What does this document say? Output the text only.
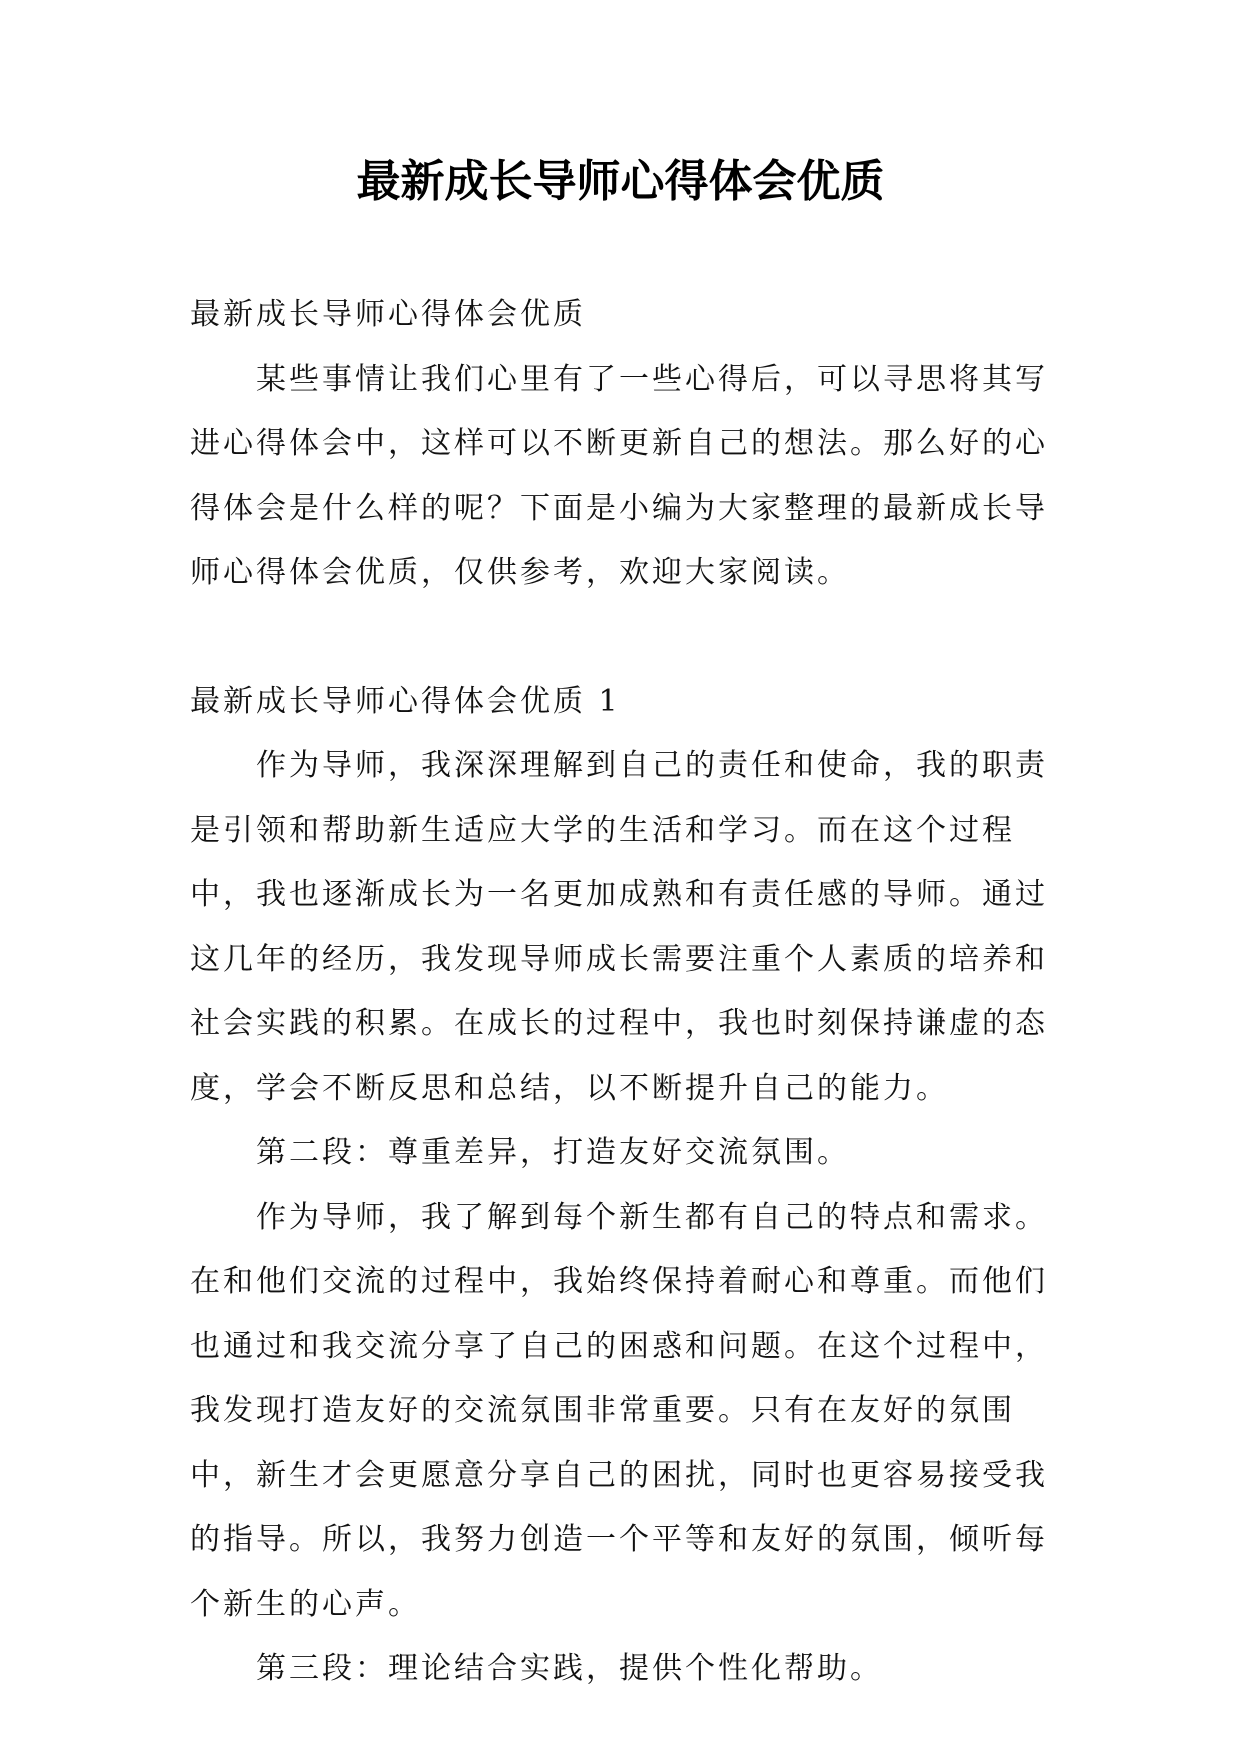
最新成长导师心得体会优质

最新成长导师心得体会优质

某些事情让我们心里有了一些心得后，可以寻思将其写进心得体会中，这样可以不断更新自己的想法。那么好的心得体会是什么样的呢？下面是小编为大家整理的最新成长导师心得体会优质，仅供参考，欢迎大家阅读。

最新成长导师心得体会优质 1

作为导师，我深深理解到自己的责任和使命，我的职责是引领和帮助新生适应大学的生活和学习。而在这个过程中，我也逐渐成长为一名更加成熟和有责任感的导师。通过这几年的经历，我发现导师成长需要注重个人素质的培养和社会实践的积累。在成长的过程中，我也时刻保持谦虚的态度，学会不断反思和总结，以不断提升自己的能力。

第二段：尊重差异，打造友好交流氛围。

作为导师，我了解到每个新生都有自己的特点和需求。在和他们交流的过程中，我始终保持着耐心和尊重。而他们也通过和我交流分享了自己的困惑和问题。在这个过程中，我发现打造友好的交流氛围非常重要。只有在友好的氛围中，新生才会更愿意分享自己的困扰，同时也更容易接受我的指导。所以，我努力创造一个平等和友好的氛围，倾听每个新生的心声。

第三段：理论结合实践，提供个性化帮助。
